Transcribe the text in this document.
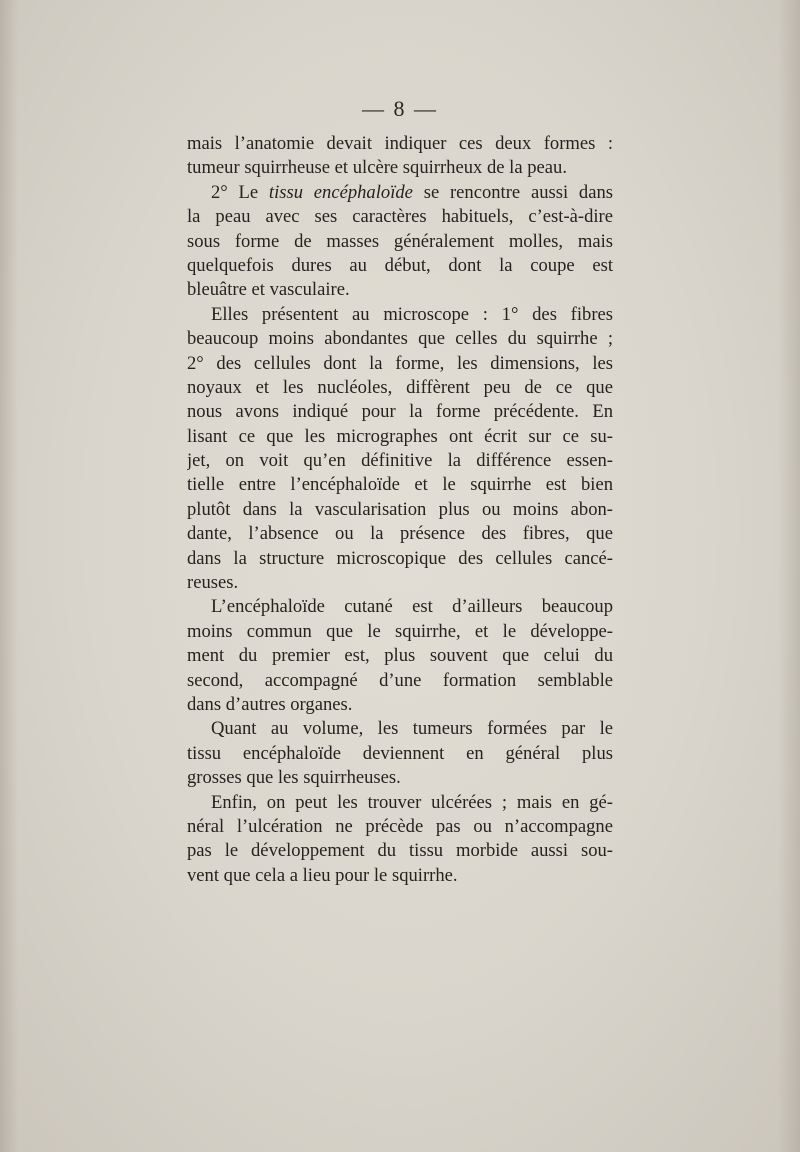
— 8 —
mais l’anatomie devait indiquer ces deux formes :
tumeur squirrheuse et ulcère squirrheux de la peau.
2° Le tissu encéphaloïde se rencontre aussi dans
la peau avec ses caractères habituels, c’est-à-dire
sous forme de masses généralement molles, mais
quelquefois dures au début, dont la coupe est
bleuâtre et vasculaire.
Elles présentent au microscope : 1° des fibres
beaucoup moins abondantes que celles du squirrhe ;
2° des cellules dont la forme, les dimensions, les
noyaux et les nucléoles, diffèrent peu de ce que
nous avons indiqué pour la forme précédente. En
lisant ce que les micrographes ont écrit sur ce su-
jet, on voit qu’en définitive la différence essen-
tielle entre l’encéphaloïde et le squirrhe est bien
plutôt dans la vascularisation plus ou moins abon-
dante, l’absence ou la présence des fibres, que
dans la structure microscopique des cellules cancé-
reuses.
L’encéphaloïde cutané est d’ailleurs beaucoup
moins commun que le squirrhe, et le développe-
ment du premier est, plus souvent que celui du
second, accompagné d’une formation semblable
dans d’autres organes.
Quant au volume, les tumeurs formées par le
tissu encéphaloïde deviennent en général plus
grosses que les squirrheuses.
Enfin, on peut les trouver ulcérées ; mais en gé-
néral l’ulcération ne précède pas ou n’accompagne
pas le développement du tissu morbide aussi sou-
vent que cela a lieu pour le squirrhe.
